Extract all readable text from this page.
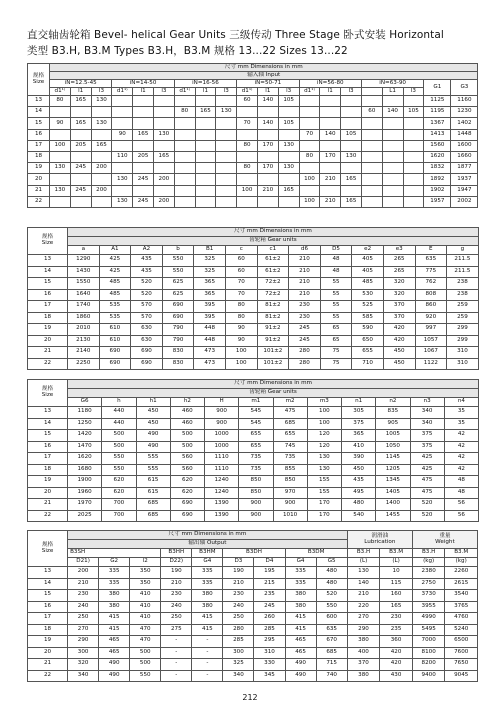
直交轴齿轮箱 Bevel- helical Gear Units 三级传动 Three Stage 卧式安装 Horizontal
类型 B3.H, B3.M Types B3.H，B3.M 规格 13...22 Sizes 13...22
规格
Size	尺寸 mm Dimensions in mm																			
	输入轴 Input																			
	iN=12.5-45			iN=14-50			iN=16-56			iN=50-71			iN=56-80			iN=63-90			G1	G3
	d1¹⁾	l1	l3	d1¹⁾	l1	l3	d1¹⁾	l1	l3	d1¹⁾	l1	l3	d1¹⁾	l1	l3		L1	l3		
13	80	165	130							60	140	105							1125	1160
14							80	165	130							60	140	105	1195	1230
15	90	165	130							70	140	105							1367	1402
16				90	165	130							70	140	105				1413	1448
17	100	205	165							80	170	130							1560	1600
18				110	205	165							80	170	130				1620	1660
19	130	245	200							80	170	130							1832	1877
20				130	245	200							100	210	165				1892	1937
21	130	245	200							100	210	165							1902	1947
22				130	245	200							100	210	165				1957	2002
规格
Size	尺寸 mm Dimensions in mm												
	齿轮箱 Gear units												
	a	A1	A2	b	B1	c	c1	d6	D5	e2	e3	E	g
13	1290	425	435	550	325	60	61±2	210	48	405	265	635	211.5
14	1430	425	435	550	325	60	61±2	210	48	405	265	775	211.5
15	1550	485	520	625	365	70	72±2	210	55	485	320	762	238
16	1640	485	520	625	365	70	72±2	210	55	530	320	808	238
17	1740	535	570	690	395	80	81±2	230	55	525	370	860	259
18	1860	535	570	690	395	80	81±2	230	55	585	370	920	259
19	2010	610	630	790	448	90	91±2	245	65	590	420	997	299
20	2130	610	630	790	448	90	91±2	245	65	650	420	1057	299
21	2140	690	690	830	473	100	101±2	280	75	655	450	1067	310
22	2250	690	690	830	473	100	101±2	280	75	710	450	1122	310
规格
Size	尺寸 mm Dimensions in mm												
	齿轮箱 Gear units												
	G6	h	h1	h2	H	m1	m2	m3	n1	n2	n3	n4	
13	1180	440	450	460	900	545	475	100	305	835	340	35	
14	1250	440	450	460	900	545	685	100	375	905	340	35	
15	1420	500	490	500	1000	655	655	120	365	1005	375	42	
16	1470	500	490	500	1000	655	745	120	410	1050	375	42	
17	1620	550	555	560	1110	735	735	130	390	1145	425	42	
18	1680	550	555	560	1110	735	855	130	450	1205	425	42	
19	1900	620	615	620	1240	850	850	155	435	1345	475	48	
20	1960	620	615	620	1240	850	970	155	495	1405	475	48	
21	1970	700	685	690	1390	900	900	170	480	1400	520	56	
22	2025	700	685	690	1390	900	1010	170	540	1455	520	56	
规格
Size	尺寸 mm Dimensions in mm									润滑油
Lubrication		重量
Weight	
	输出轴 Output												
	B3SH			B3HH	B3HM	B3DH		B3DM		B3.H	B3.M	B3.H	B3.M
	D21)	G2	l2	D22)	G4	D3	D4	G4	G5	(L)	(L)	(kg)	(kg)
13	200	335	350	190	335	190	195	335	480	130	10	2380	2260
14	210	335	350	210	335	210	215	335	480	140	115	2750	2615
15	230	380	410	230	380	230	235	380	520	210	160	3730	3540
16	240	380	410	240	380	240	245	380	550	220	165	3955	3765
17	250	415	410	250	415	250	260	415	600	270	230	4990	4760
18	270	415	470	275	415	280	285	415	635	290	235	5495	5240
19	290	465	470	-	-	285	295	465	670	380	360	7000	6500
20	300	465	500	-	-	300	310	465	685	400	420	8100	7600
21	320	490	500	-	-	325	330	490	715	370	420	8200	7650
22	340	490	550	-	-	340	345	490	740	380	430	9400	9045
212
